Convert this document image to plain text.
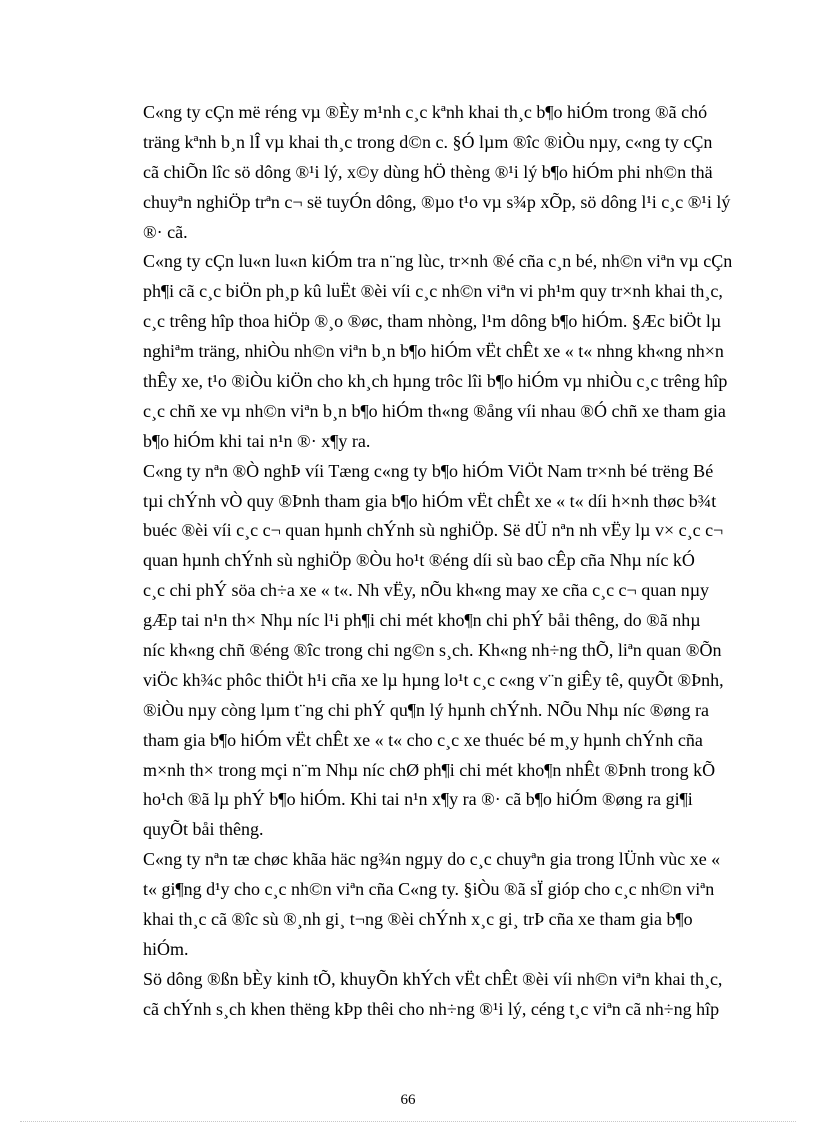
C«ng ty cÇn më réng vµ ®Èy m¹nh c¸c kªnh khai th¸c b¶o hiÓm trong ®ã chó
träng kªnh b¸n lÎ vµ khai th¸c trong d©n c. §Ó lµm ®îc ®iÒu nµy, c«ng ty cÇn
cã chiÕn lîc sö dông ®¹i lý, x©y dùng hÖ thèng ®¹i lý b¶o hiÓm phi nh©n thä
chuyªn nghiÖp trªn c¬ së tuyÓn dông, ®µo t¹o vµ s¾p xÕp, sö dông l¹i c¸c ®¹i lý
®· cã.
C«ng ty cÇn lu«n lu«n kiÓm tra n¨ng lùc, tr×nh ®é cña c¸n bé, nh©n viªn vµ cÇn
ph¶i cã c¸c biÖn ph¸p kû luËt ®èi víi c¸c nh©n viªn vi ph¹m quy tr×nh khai th¸c,
c¸c trêng hîp thoa hiÖp ®¸o ®øc, tham nhòng, l¹m dông b¶o hiÓm. §Æc biÖt lµ
nghiªm träng, nhiÒu nh©n viªn b¸n b¶o hiÓm vËt chÊt xe « t« nhng kh«ng nh×n
thÊy xe, t¹o ®iÒu kiÖn cho kh¸ch hµng trôc lîi b¶o hiÓm vµ nhiÒu c¸c trêng hîp
c¸c chñ xe vµ nh©n viªn b¸n b¶o hiÓm th«ng ®ång víi nhau ®Ó chñ xe tham gia
b¶o hiÓm khi tai n¹n ®· x¶y ra.
C«ng ty nªn ®Ò nghÞ víi Tæng c«ng ty b¶o hiÓm ViÖt Nam tr×nh bé trëng Bé
tµi chÝnh vÒ quy ®Þnh tham gia b¶o hiÓm vËt chÊt xe « t« díi h×nh thøc b¾t
buéc ®èi víi c¸c c¬ quan hµnh chÝnh sù nghiÖp. Së dÜ nªn nh vËy lµ v× c¸c c¬
quan hµnh chÝnh sù nghiÖp ®Òu ho¹t ®éng díi sù bao cÊp cña Nhµ níc kÓ
c¸c chi phÝ söa ch÷a xe « t«. Nh vËy, nÕu kh«ng may xe cña c¸c c¬ quan nµy
gÆp tai n¹n th× Nhµ níc l¹i ph¶i chi mét kho¶n chi phÝ båi thêng, do ®ã nhµ
níc kh«ng chñ ®éng ®îc trong chi ng©n s¸ch. Kh«ng nh÷ng thÕ, liªn quan ®Õn
viÖc kh¾c phôc thiÖt h¹i cña xe lµ hµng lo¹t c¸c c«ng v¨n giÊy tê, quyÕt ®Þnh,
®iÒu nµy còng lµm t¨ng chi phÝ qu¶n lý hµnh chÝnh. NÕu Nhµ níc ®øng ra
tham gia b¶o hiÓm vËt chÊt xe « t« cho c¸c xe thuéc bé m¸y hµnh chÝnh cña
m×nh th× trong mçi n¨m Nhµ níc chØ ph¶i chi mét kho¶n nhÊt ®Þnh trong kÕ
ho¹ch ®ã lµ phÝ b¶o hiÓm. Khi tai n¹n x¶y ra ®· cã b¶o hiÓm ®øng ra gi¶i
quyÕt båi thêng.
C«ng ty nªn tæ chøc khãa häc ng¾n ngµy do c¸c chuyªn gia trong lÜnh vùc xe «
t« gi¶ng d¹y cho c¸c nh©n viªn cña C«ng ty. §iÒu ®ã sÏ gióp cho c¸c nh©n viªn
khai th¸c cã ®îc sù ®¸nh gi¸ t¬ng ®èi chÝnh x¸c gi¸ trÞ cña xe tham gia b¶o
hiÓm.
Sö dông ®ßn bÈy kinh tÕ, khuyÕn khÝch vËt chÊt ®èi víi nh©n viªn khai th¸c,
cã chÝnh s¸ch khen thëng kÞp thêi cho nh÷ng ®¹i lý, céng t¸c viªn cã nh÷ng hîp
66
